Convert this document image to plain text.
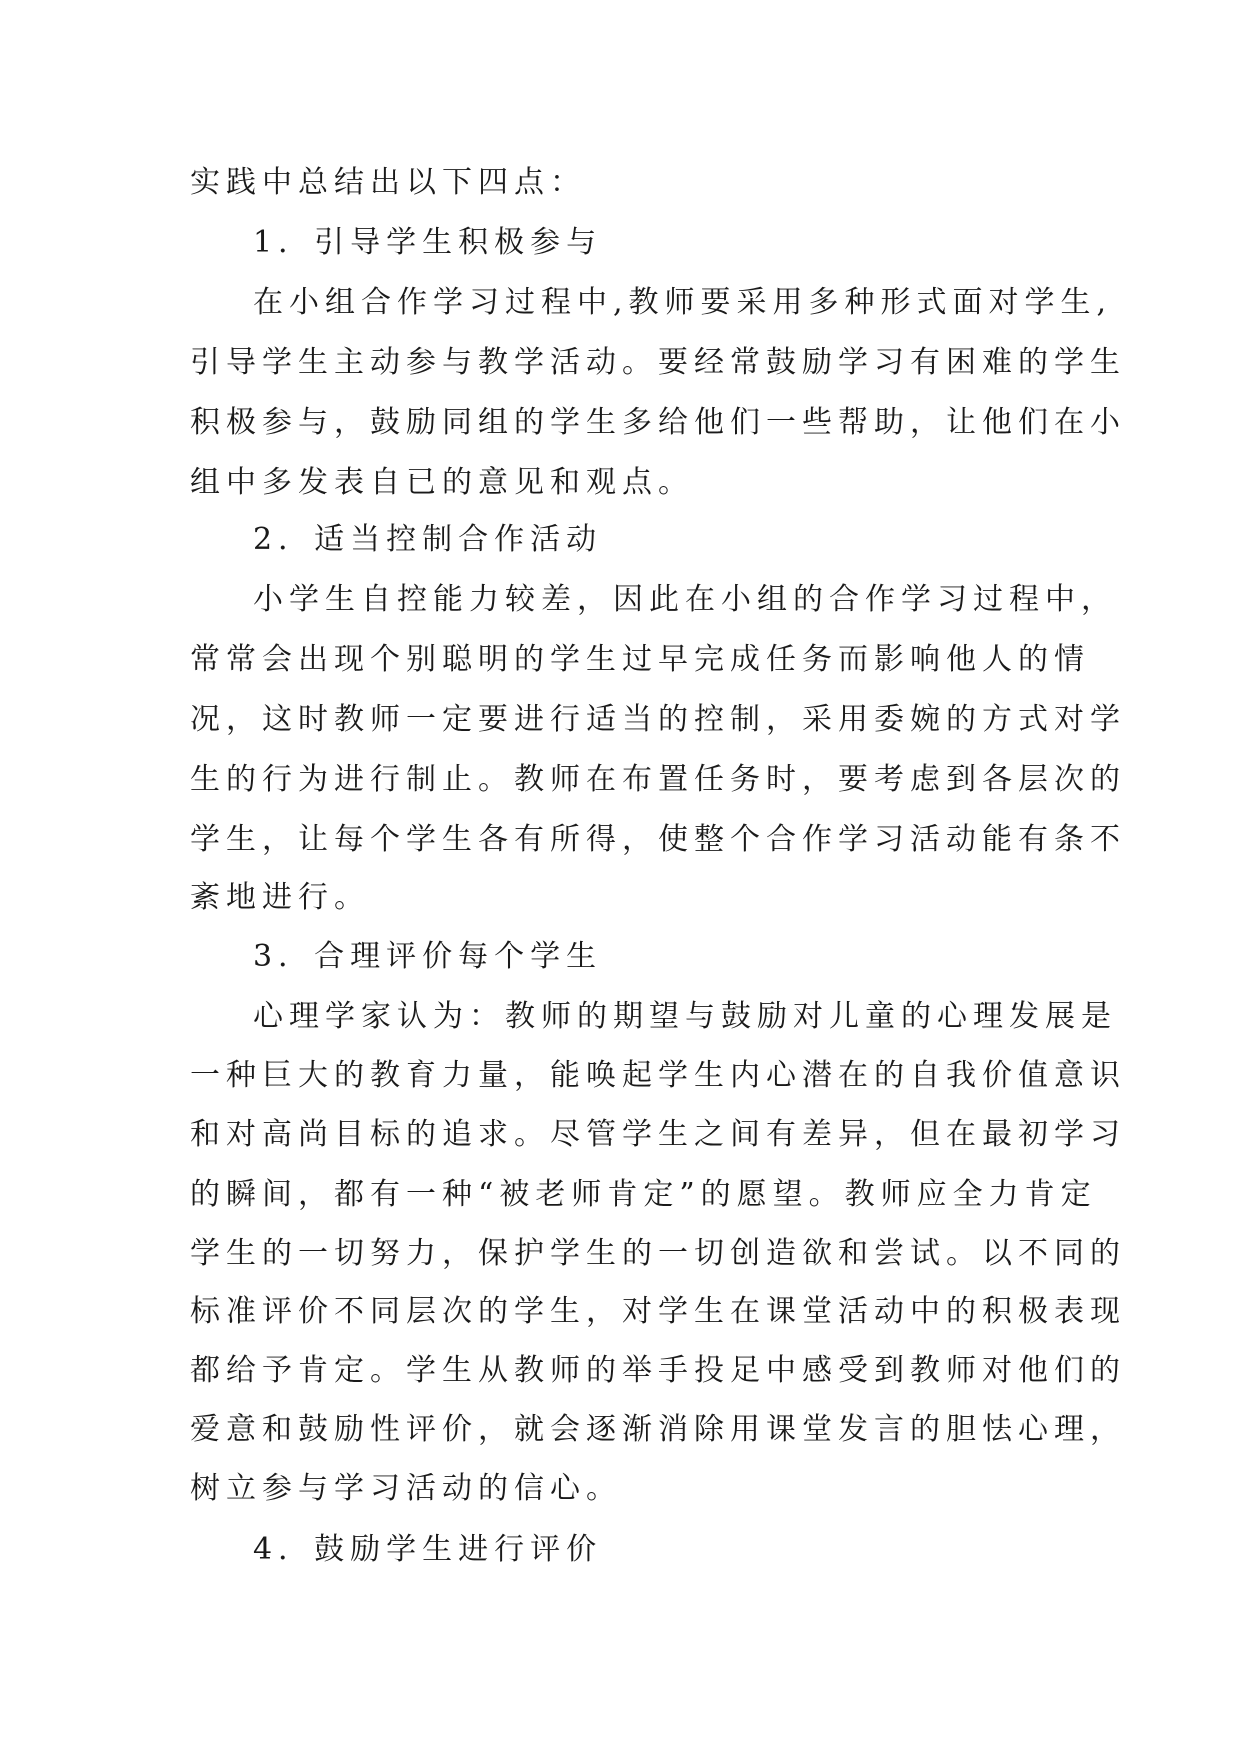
实践中总结出以下四点：

1．引导学生积极参与

在小组合作学习过程中,教师要采用多种形式面对学生,

引导学生主动参与教学活动。要经常鼓励学习有困难的学生

积极参与，鼓励同组的学生多给他们一些帮助，让他们在小

组中多发表自已的意见和观点。

2．适当控制合作活动

小学生自控能力较差，因此在小组的合作学习过程中，

常常会出现个别聪明的学生过早完成任务而影响他人的情

况，这时教师一定要进行适当的控制，采用委婉的方式对学

生的行为进行制止。教师在布置任务时，要考虑到各层次的

学生，让每个学生各有所得，使整个合作学习活动能有条不

紊地进行。

3．合理评价每个学生

心理学家认为：教师的期望与鼓励对儿童的心理发展是

一种巨大的教育力量，能唤起学生内心潜在的自我价值意识

和对高尚目标的追求。尽管学生之间有差异，但在最初学习

的瞬间，都有一种“被老师肯定”的愿望。教师应全力肯定

学生的一切努力，保护学生的一切创造欲和尝试。以不同的

标准评价不同层次的学生，对学生在课堂活动中的积极表现

都给予肯定。学生从教师的举手投足中感受到教师对他们的

爱意和鼓励性评价，就会逐渐消除用课堂发言的胆怯心理，

树立参与学习活动的信心。

4．鼓励学生进行评价
